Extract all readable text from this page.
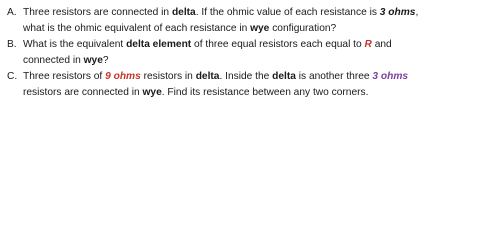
A. Three resistors are connected in delta. If the ohmic value of each resistance is 3 ohms,
what is the ohmic equivalent of each resistance in wye configuration?
B. What is the equivalent delta element of three equal resistors each equal to R and
connected in wye?
C. Three resistors of 9 ohms resistors in delta. Inside the delta is another three 3 ohms
resistors are connected in wye. Find its resistance between any two corners.
